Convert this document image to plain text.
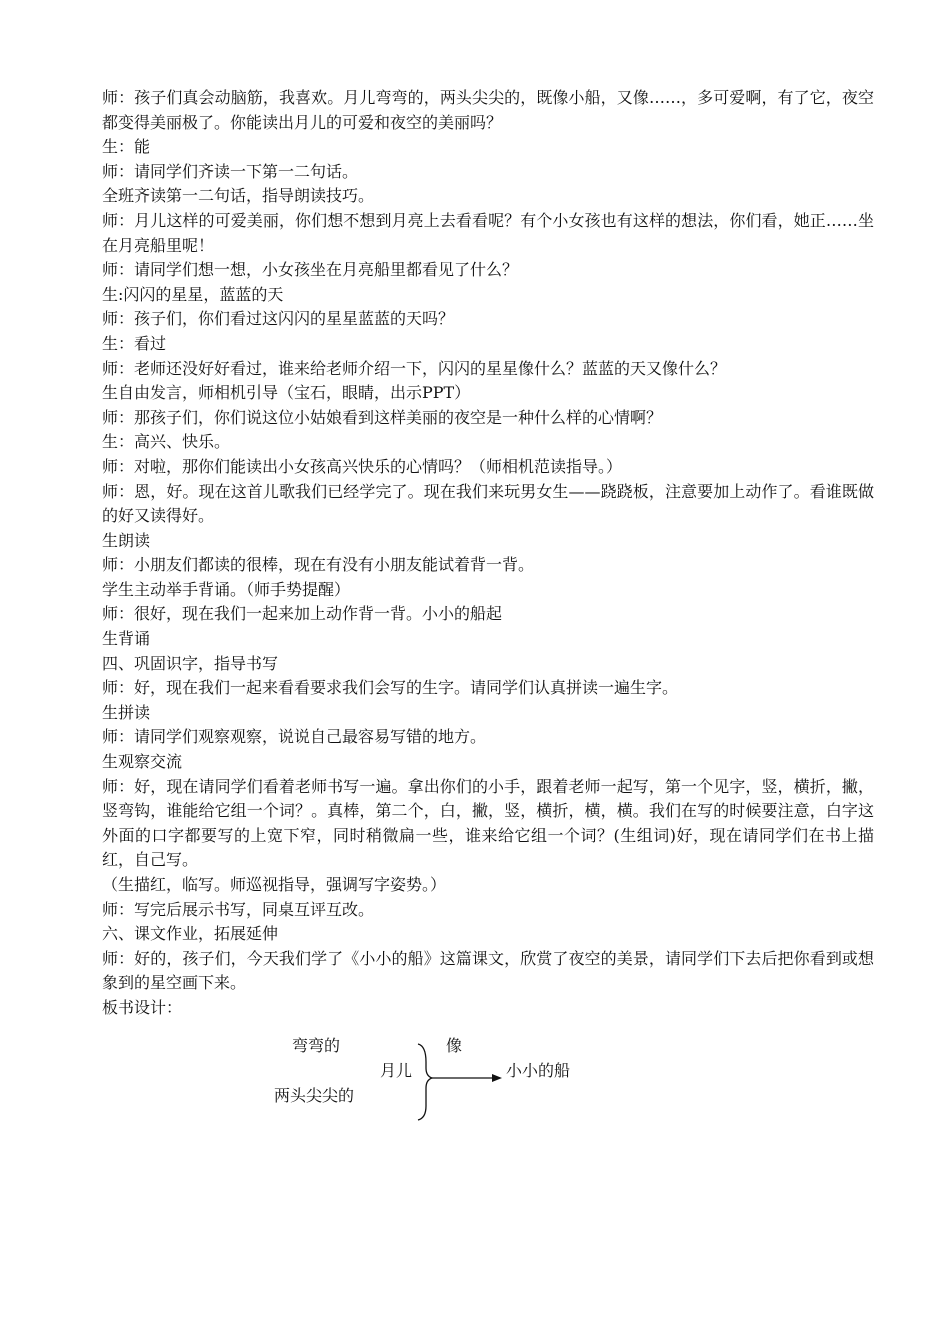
师：孩子们真会动脑筋，我喜欢。月儿弯弯的，两头尖尖的，既像小船，又像……，多可爱啊，有了它，夜空都变得美丽极了。你能读出月儿的可爱和夜空的美丽吗？

生：能

师：请同学们齐读一下第一二句话。

全班齐读第一二句话，指导朗读技巧。

师：月儿这样的可爱美丽，你们想不想到月亮上去看看呢？有个小女孩也有这样的想法，你们看，她正……坐在月亮船里呢！

师：请同学们想一想，小女孩坐在月亮船里都看见了什么？

生:闪闪的星星，蓝蓝的天

师：孩子们，你们看过这闪闪的星星蓝蓝的天吗？

生：看过

师：老师还没好好看过，谁来给老师介绍一下，闪闪的星星像什么？蓝蓝的天又像什么？

生自由发言，师相机引导（宝石，眼睛，出示PPT）

师：那孩子们，你们说这位小姑娘看到这样美丽的夜空是一种什么样的心情啊？

生：高兴、快乐。

师：对啦，那你们能读出小女孩高兴快乐的心情吗？（师相机范读指导。）

师：恩，好。现在这首儿歌我们已经学完了。现在我们来玩男女生——跷跷板，注意要加上动作了。看谁既做的好又读得好。

生朗读

师：小朋友们都读的很棒，现在有没有小朋友能试着背一背。

学生主动举手背诵。（师手势提醒）

师：很好，现在我们一起来加上动作背一背。小小的船起

生背诵

四、巩固识字，指导书写

师：好，现在我们一起来看看要求我们会写的生字。请同学们认真拼读一遍生字。

生拼读

师：请同学们观察观察，说说自己最容易写错的地方。

生观察交流

师：好，现在请同学们看着老师书写一遍。拿出你们的小手，跟着老师一起写，第一个见字，竖，横折，撇，竖弯钩，谁能给它组一个词？。真棒，第二个，白，撇，竖，横折，横，横。我们在写的时候要注意，白字这外面的口字都要写的上宽下窄，同时稍微扁一些，谁来给它组一个词？(生组词)好，现在请同学们在书上描红，自己写。

（生描红，临写。师巡视指导，强调写字姿势。）

师：写完后展示书写，同桌互评互改。

六、课文作业，拓展延伸

师：好的，孩子们，今天我们学了《小小的船》这篇课文，欣赏了夜空的美景，请同学们下去后把你看到或想象到的星空画下来。

板书设计：

弯弯的
两头尖尖的
月儿
像
小小的船
